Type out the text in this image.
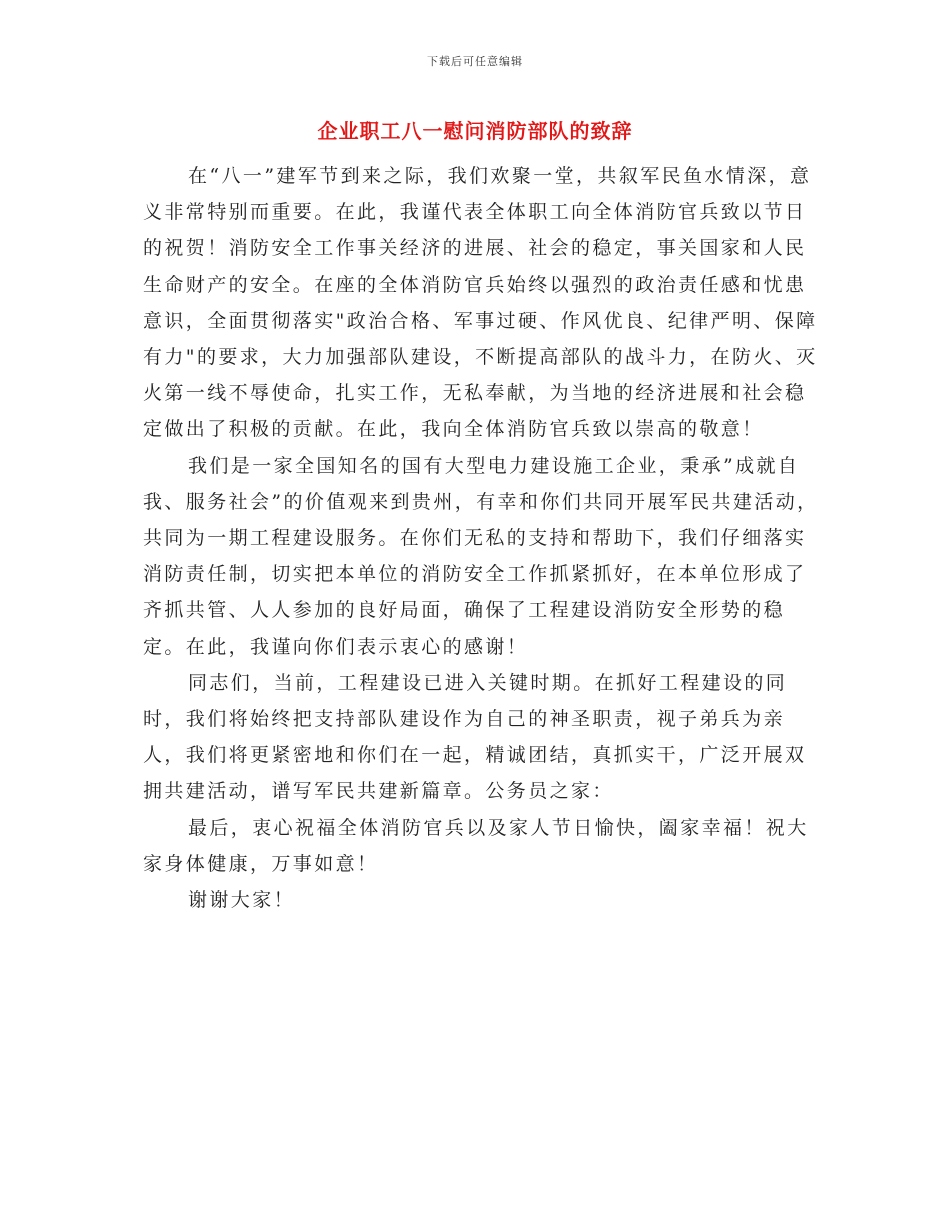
下载后可任意编辑
企业职工八一慰问消防部队的致辞

在“八一”建军节到来之际，我们欢聚一堂，共叙军民鱼水情深，意义非常特别而重要。在此，我谨代表全体职工向全体消防官兵致以节日的祝贺！消防安全工作事关经济的进展、社会的稳定，事关国家和人民生命财产的安全。在座的全体消防官兵始终以强烈的政治责任感和忧患意识，全面贯彻落实"政治合格、军事过硬、作风优良、纪律严明、保障有力"的要求，大力加强部队建设，不断提高部队的战斗力，在防火、灭火第一线不辱使命，扎实工作，无私奉献，为当地的经济进展和社会稳定做出了积极的贡献。在此，我向全体消防官兵致以崇高的敬意！

我们是一家全国知名的国有大型电力建设施工企业，秉承”成就自我、服务社会”的价值观来到贵州，有幸和你们共同开展军民共建活动，共同为一期工程建设服务。在你们无私的支持和帮助下，我们仔细落实消防责任制，切实把本单位的消防安全工作抓紧抓好，在本单位形成了齐抓共管、人人参加的良好局面，确保了工程建设消防安全形势的稳定。在此，我谨向你们表示衷心的感谢！

同志们，当前，工程建设已进入关键时期。在抓好工程建设的同时，我们将始终把支持部队建设作为自己的神圣职责，视子弟兵为亲人，我们将更紧密地和你们在一起，精诚团结，真抓实干，广泛开展双拥共建活动，谱写军民共建新篇章。公务员之家：

最后，衷心祝福全体消防官兵以及家人节日愉快，阖家幸福！祝大家身体健康，万事如意！

谢谢大家！
